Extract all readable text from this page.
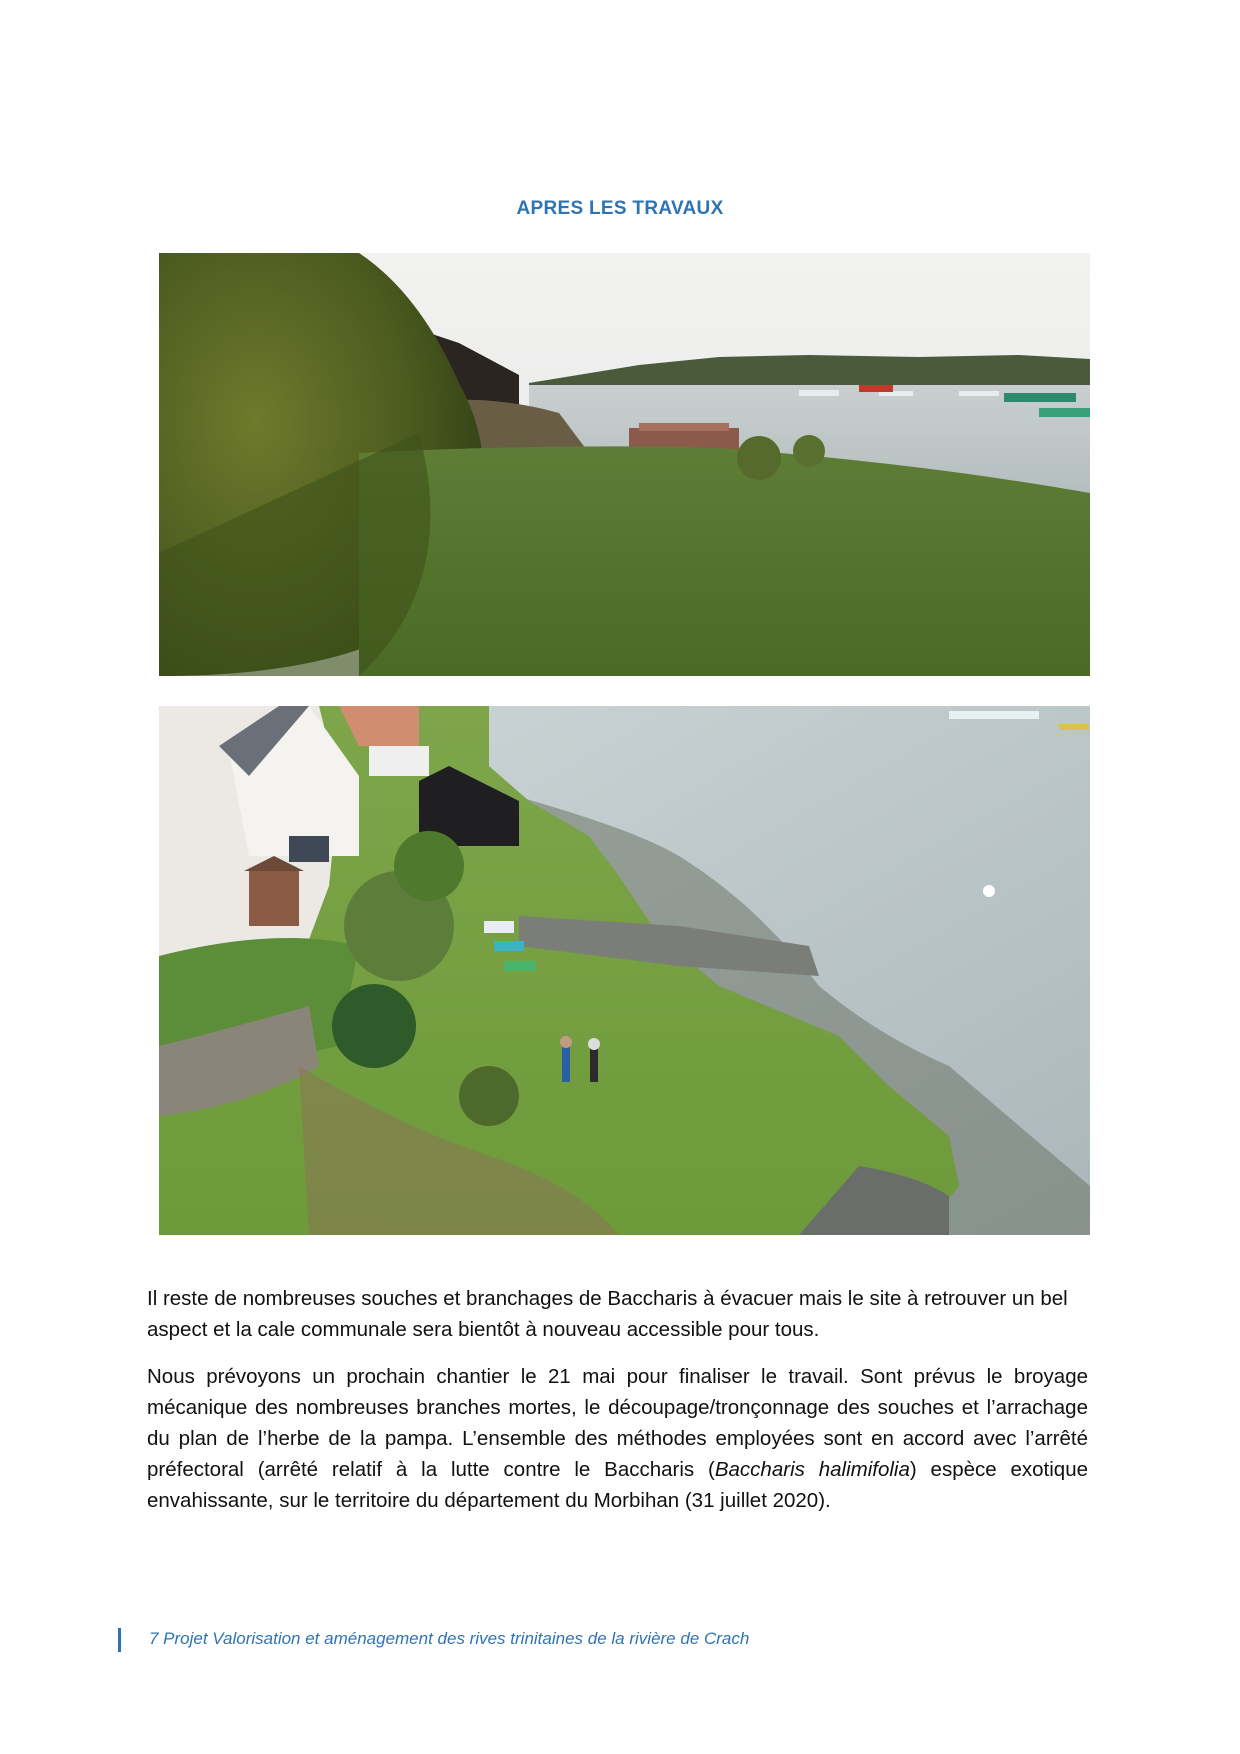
APRES LES TRAVAUX

Il reste de nombreuses souches et branchages de Baccharis à évacuer mais le site à retrouver un bel aspect et la cale communale sera bientôt à nouveau accessible pour tous.

Nous prévoyons un prochain chantier le 21 mai pour finaliser le travail. Sont prévus le broyage mécanique des nombreuses branches mortes, le découpage/tronçonnage des souches et l’arrachage du plan de l’herbe de la pampa. L’ensemble des méthodes employées sont en accord avec l’arrêté préfectoral (arrêté relatif à la lutte contre le Baccharis (Baccharis halimifolia) espèce exotique envahissante, sur le territoire du département du Morbihan (31 juillet 2020).

7 Projet Valorisation et aménagement des rives trinitaines de la rivière de Crach
